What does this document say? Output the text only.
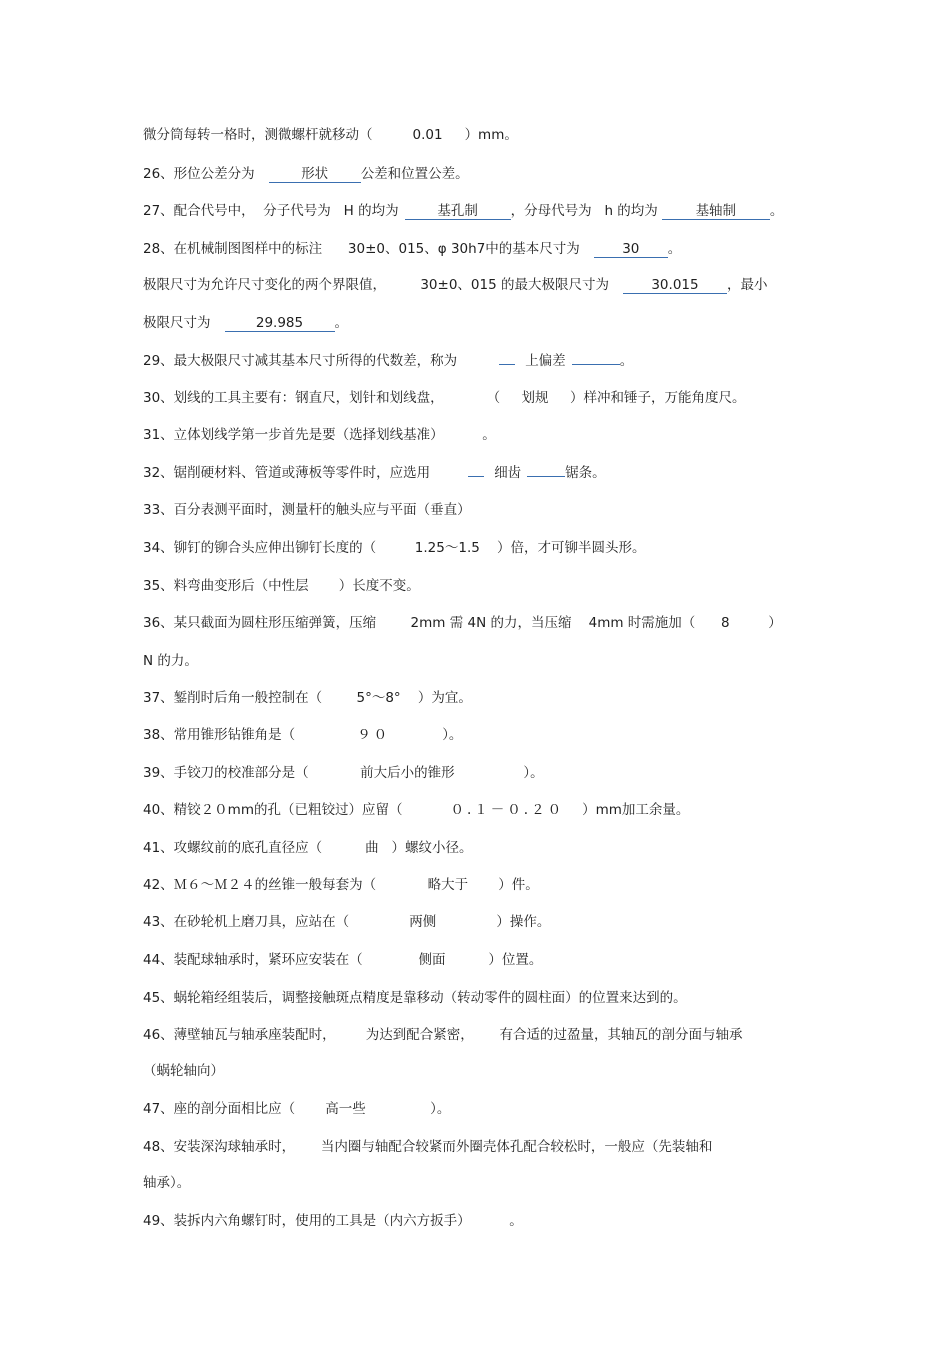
微分筒每转一格时，测微螺杆就移动（	0.01 ）mm。
26、形位公差分为	形状 公差和位置公差。
27、配合代号中，  分子代号为   H 的均为	基孔制 ，分母代号为   h 的均为	基轴制	。
28、在机械制图图样中的标注      30±0、015、φ 30h7中的基本尺寸为	30 。
极限尺寸为允许尺寸变化的两个界限值，        30±0、015 的最大极限尺寸为	30.015 ，最小
极限尺寸为	29.985 。
29、最大极限尺寸减其基本尺寸所得的代数差，称为	上偏差	。
30、划线的工具主要有：钢直尺，划针和划线盘，          （     划规     ）样冲和锤子，万能角度尺。
31、立体划线学第一步首先是要（选择划线基准）         。
32、锯削硬材料、管道或薄板等零件时，应选用	细齿	锯条。
33、百分表测平面时，测量杆的触头应与平面（垂直）
34、铆钉的铆合头应伸出铆钉长度的（         1.25～1.5    ）倍，才可铆半圆头形。
35、料弯曲变形后（中性层       ）长度不变。
36、某只截面为圆柱形压缩弹簧，压缩        2mm 需 4N 的力，当压缩    4mm 时需施加（      8         ）
N 的力。
37、錾削时后角一般控制在（        5°～8°    ）为宜。
38、常用锥形钻锥角是（	９０	）。
39、手铰刀的校准部分是（            前大后小的锥形                ）。
40、精铰２０mm的孔（已粗铰过）应留（	０.１－０.２０ ）mm加工余量。
41、攻螺纹前的底孔直径应（          曲   ）螺纹小径。
42、Ｍ６～Ｍ２４的丝锥一般每套为（            略大于       ）件。
43、在砂轮机上磨刀具，应站在（              两侧              ）操作。
44、装配球轴承时，紧环应安装在（             侧面          ）位置。
45、蜗轮箱经组装后，调整接触斑点精度是靠移动（转动零件的圆柱面）的位置来达到的。
46、薄壁轴瓦与轴承座装配时，       为达到配合紧密，      有合适的过盈量，其轴瓦的剖分面与轴承
（蜗轮轴向）
47、座的剖分面相比应（       高一些               ）。
48、安装深沟球轴承时，      当内圈与轴配合较紧而外圈壳体孔配合较松时，一般应（先装轴和
轴承）。
49、装拆内六角螺钉时，使用的工具是（内六方扳手）         。
